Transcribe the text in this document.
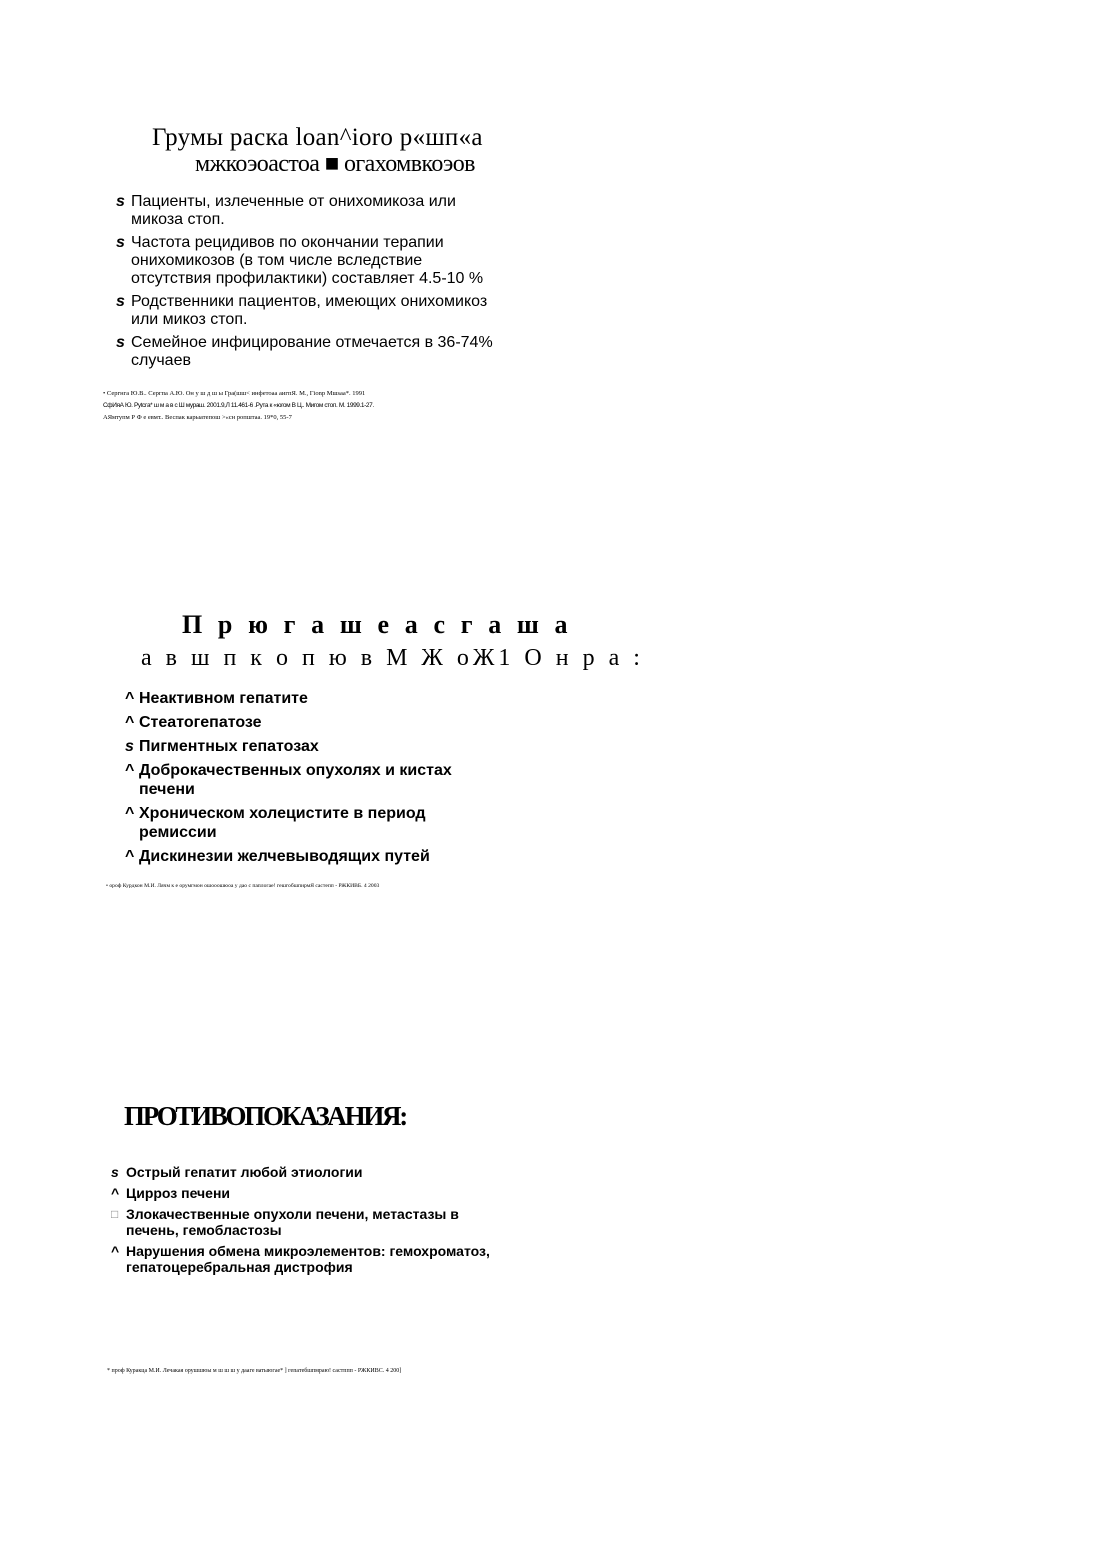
Грумы раска loan^ioro р«шп«а
мжкоэоастоа ■ огахомвкоэов
s Пациенты, излеченные от онихомикоза или микоза стоп.
s Частота рецидивов по окончании терапии онихомикозов (в том числе вследствие отсутствия профилактики) составляет 4.5-10 %
s Родственники пациентов, имеющих онихомикоз или микоз стоп.
s Семейное инфицирование отмечается в 36-74% случаев
• Сергнга Ю.В.. Сергпа А.Ю. Он у ш д ш ы Гра(шш< инфетоаа аигпЯ. М., Гiоnр Мшsаа*. 1991
СфИяА Ю. Рytсгa* ш м а в с Ш мураш. 2001.9,Л 11.461-6 .Рута к «югом В Ц.. Мигом стоп. М. 1999.1-27.
АЯмтупм Р Ф е евмт.. Веспак карыатепош >«сн ропштаа. 19*0, 55-7
П р ю г а ш е а с г а ш а
а в ш п к о п ю в М Ж оЖ1 О н р а :
^ Неактивном гепатите
^ Стеатогепатозе
s Пигментных гепатозах
^ Доброкачественных опухолях и кистах печени
^ Хроническом холецистите в период ремиссии
^ Дискинезии желчевыводящих путей
• ороф Курдкон М.И. Лячм к е орумгмон ошооошюоа у дао с паплогае! гешгобшпирмЯ састепп - РЖКИВБ. 4 2003
ПРОТИВОПОКАЗАНИЯ:
s Острый гепатит любой этиологии
^ Цирроз печени
□ Злокачественные опухоли печени, метастазы в печень, гемобластозы
^ Нарушения обмена микроэлементов: гемохроматоз, гепатоцеребральная дистрофия
* проф Куракца М.И. Лечакая орушшюы м ш ш ш у дааге ватыюгае* ] гепатебшпмраю! састппп - РЖКИВС. 4 200]
